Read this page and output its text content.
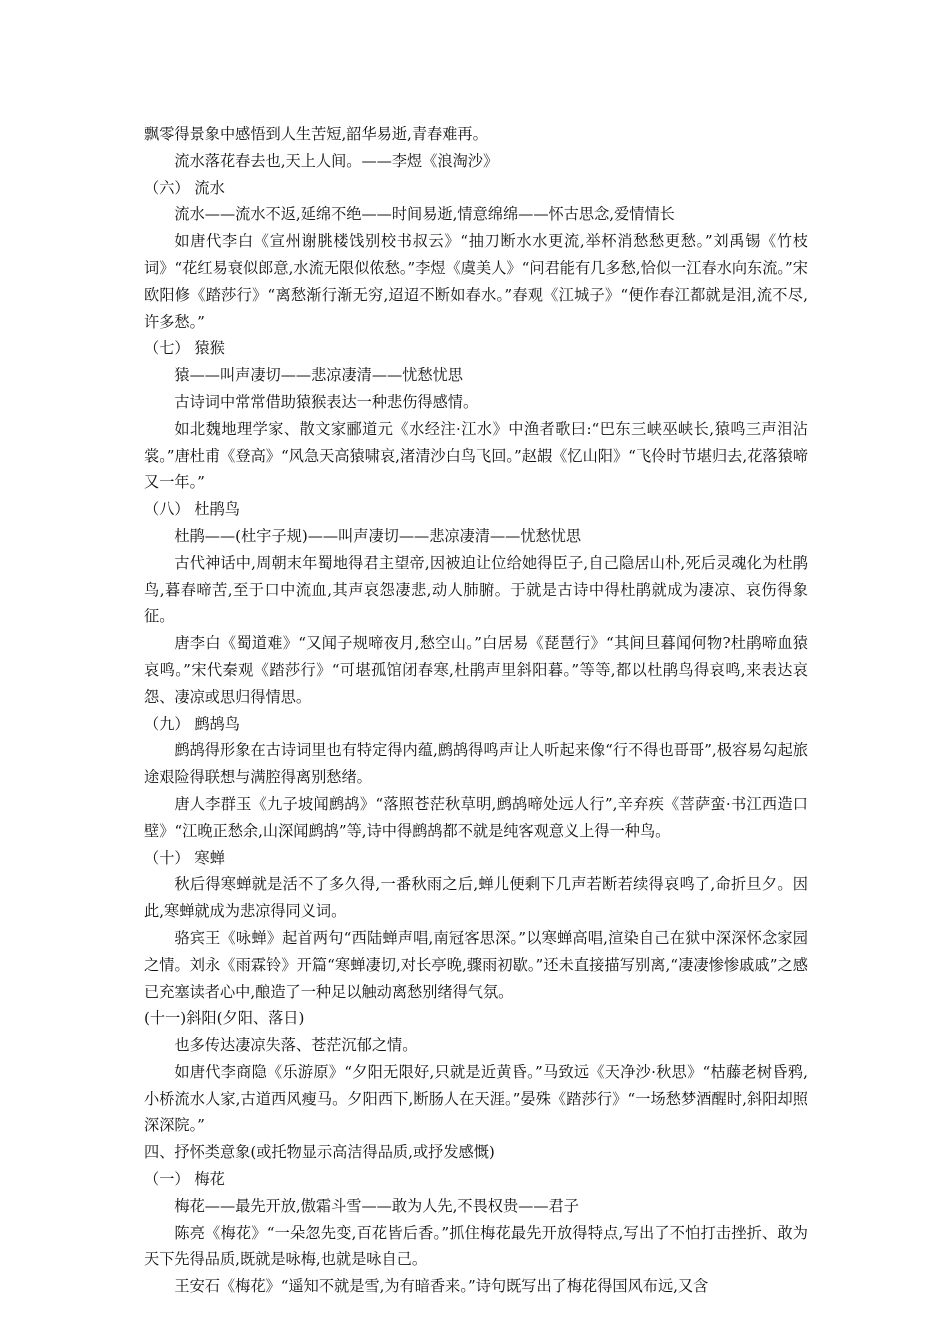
飘零得景象中感悟到人生苦短,韶华易逝,青春难再。

流水落花春去也,天上人间。——李煜《浪淘沙》

（六） 流水

流水——流水不返,延绵不绝——时间易逝,情意绵绵——怀古思念,爱情情长

如唐代李白《宣州谢朓楼饯别校书叔云》“抽刀断水水更流,举杯消愁愁更愁。”刘禹锡《竹枝词》“花红易衰似郎意,水流无限似侬愁。”李煜《虞美人》“问君能有几多愁,恰似一江春水向东流。”宋欧阳修《踏莎行》“离愁渐行渐无穷,迢迢不断如春水。”春观《江城子》“便作春江都就是泪,流不尽,许多愁。”

（七） 猿猴

猿——叫声凄切——悲凉凄清——忧愁忧思

古诗词中常常借助猿猴表达一种悲伤得感情。

如北魏地理学家、散文家郦道元《水经注·江水》中渔者歌曰:“巴东三峡巫峡长,猿鸣三声泪沾裳。”唐杜甫《登高》“风急天高猿啸哀,渚清沙白鸟飞回。”赵嘏《忆山阳》“飞伶时节堪归去,花落猿啼又一年。”

（八） 杜鹃鸟

杜鹃——(杜宇子规)——叫声凄切——悲凉凄清——忧愁忧思

古代神话中,周朝末年蜀地得君主望帝,因被迫让位给她得臣子,自己隐居山朴,死后灵魂化为杜鹃鸟,暮春啼苦,至于口中流血,其声哀怨凄悲,动人肺腑。于就是古诗中得杜鹃就成为凄凉、哀伤得象征。

唐李白《蜀道难》“又闻子规啼夜月,愁空山。”白居易《琵琶行》“其间旦暮闻何物?杜鹃啼血猿哀鸣。”宋代秦观《踏莎行》“可堪孤馆闭春寒,杜鹃声里斜阳暮。”等等,都以杜鹃鸟得哀鸣,来表达哀怨、凄凉或思归得情思。

（九） 鹧鸪鸟

鹧鸪得形象在古诗词里也有特定得内蕴,鹧鸪得鸣声让人听起来像“行不得也哥哥”,极容易勾起旅途艰险得联想与满腔得离别愁绪。

唐人李群玉《九子坡闻鹧鸪》“落照苍茫秋草明,鹧鸪啼处远人行”,辛弃疾《菩萨蛮·书江西造口壁》“江晚正愁余,山深闻鹧鸪”等,诗中得鹧鸪都不就是纯客观意义上得一种鸟。

（十） 寒蝉

秋后得寒蝉就是活不了多久得,一番秋雨之后,蝉儿便剩下几声若断若续得哀鸣了,命折旦夕。因此,寒蝉就成为悲凉得同义词。

骆宾王《咏蝉》起首两句“西陆蝉声唱,南冠客思深。”以寒蝉高唱,渲染自己在狱中深深怀念家园之情。刘永《雨霖铃》开篇“寒蝉凄切,对长亭晚,骤雨初歇。”还未直接描写别离,“凄凄惨惨戚戚”之感已充塞读者心中,酿造了一种足以触动离愁别绪得气氛。

(十一)斜阳(夕阳、落日)

也多传达凄凉失落、苍茫沉郁之情。

如唐代李商隐《乐游原》“夕阳无限好,只就是近黄昏。”马致远《天净沙·秋思》“枯藤老树昏鸦,小桥流水人家,古道西风瘦马。夕阳西下,断肠人在天涯。”晏殊《踏莎行》“一场愁梦酒醒时,斜阳却照深深院。”

四、抒怀类意象(或托物显示高洁得品质,或抒发感慨)

（一） 梅花

梅花——最先开放,傲霜斗雪——敢为人先,不畏权贵——君子

陈亮《梅花》“一朵忽先变,百花皆后香。”抓住梅花最先开放得特点,写出了不怕打击挫折、敢为天下先得品质,既就是咏梅,也就是咏自己。

王安石《梅花》“遥知不就是雪,为有暗香来。”诗句既写出了梅花得国风布远,又含
